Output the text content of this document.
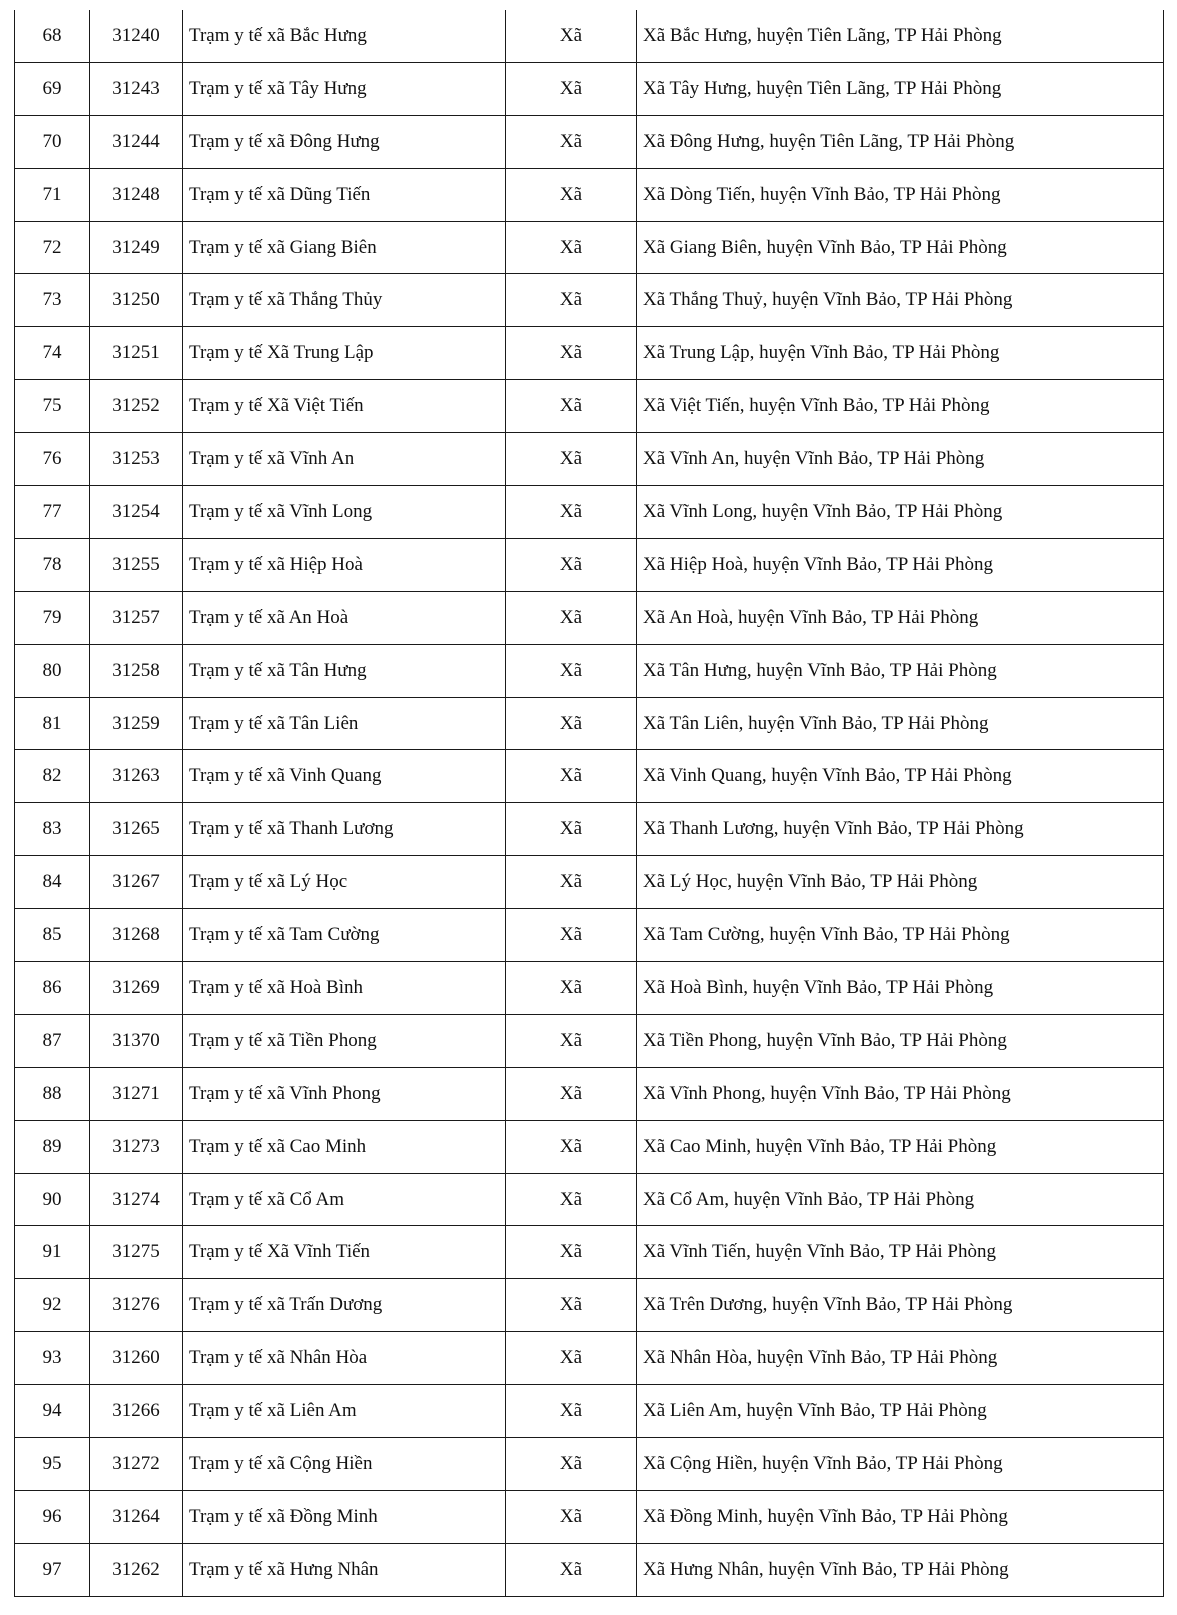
68	31240	Trạm y tế xã Bắc Hưng	Xã	Xã Bắc Hưng, huyện Tiên Lãng, TP Hải Phòng
69	31243	Trạm y tế xã Tây Hưng	Xã	Xã Tây Hưng, huyện Tiên Lãng, TP Hải Phòng
70	31244	Trạm y tế xã Đông Hưng	Xã	Xã Đông Hưng, huyện Tiên Lãng, TP Hải Phòng
71	31248	Trạm y tế xã Dũng Tiến	Xã	Xã Dòng Tiến, huyện Vĩnh Bảo, TP Hải Phòng
72	31249	Trạm y tế xã Giang Biên	Xã	Xã Giang Biên, huyện Vĩnh Bảo, TP Hải Phòng
73	31250	Trạm y tế xã Thắng Thủy	Xã	Xã Thắng Thuỷ, huyện Vĩnh Bảo, TP Hải Phòng
74	31251	Trạm y tế Xã Trung Lập	Xã	Xã Trung Lập, huyện Vĩnh Bảo, TP Hải Phòng
75	31252	Trạm y tế Xã Việt Tiến	Xã	Xã Việt Tiến, huyện Vĩnh Bảo, TP Hải Phòng
76	31253	Trạm y tế xã Vĩnh An	Xã	Xã Vĩnh An, huyện Vĩnh Bảo, TP Hải Phòng
77	31254	Trạm y tế xã Vĩnh Long	Xã	Xã Vĩnh Long, huyện Vĩnh Bảo, TP Hải Phòng
78	31255	Trạm y tế xã Hiệp Hoà	Xã	Xã Hiệp Hoà, huyện Vĩnh Bảo, TP Hải Phòng
79	31257	Trạm y tế xã An Hoà	Xã	Xã An Hoà, huyện Vĩnh Bảo, TP Hải Phòng
80	31258	Trạm y tế xã Tân Hưng	Xã	Xã Tân Hưng, huyện Vĩnh Bảo, TP Hải Phòng
81	31259	Trạm y tế xã Tân Liên	Xã	Xã Tân Liên, huyện Vĩnh Bảo, TP Hải Phòng
82	31263	Trạm y tế xã Vinh Quang	Xã	Xã Vinh Quang, huyện Vĩnh Bảo, TP Hải Phòng
83	31265	Trạm y tế xã Thanh Lương	Xã	Xã Thanh Lương, huyện Vĩnh Bảo, TP Hải Phòng
84	31267	Trạm y tế xã Lý Học	Xã	Xã Lý Học, huyện Vĩnh Bảo, TP Hải Phòng
85	31268	Trạm y tế xã Tam Cường	Xã	Xã Tam Cường, huyện Vĩnh Bảo, TP Hải Phòng
86	31269	Trạm y tế xã Hoà Bình	Xã	Xã Hoà Bình, huyện Vĩnh Bảo, TP Hải Phòng
87	31370	Trạm y tế xã Tiền Phong	Xã	Xã Tiền Phong, huyện Vĩnh Bảo, TP Hải Phòng
88	31271	Trạm y tế xã Vĩnh Phong	Xã	Xã Vĩnh Phong, huyện Vĩnh Bảo, TP Hải Phòng
89	31273	Trạm y tế xã Cao Minh	Xã	Xã Cao Minh, huyện Vĩnh Bảo, TP Hải Phòng
90	31274	Trạm y tế xã Cổ Am	Xã	Xã Cổ Am, huyện Vĩnh Bảo, TP Hải Phòng
91	31275	Trạm y tế Xã Vĩnh Tiến	Xã	Xã Vĩnh Tiến, huyện Vĩnh Bảo, TP Hải Phòng
92	31276	Trạm y tế xã Trấn Dương	Xã	Xã Trên Dương, huyện Vĩnh Bảo, TP Hải Phòng
93	31260	Trạm y tế xã Nhân Hòa	Xã	Xã Nhân Hòa, huyện Vĩnh Bảo, TP Hải Phòng
94	31266	Trạm y tế xã Liên Am	Xã	Xã Liên Am, huyện Vĩnh Bảo, TP Hải Phòng
95	31272	Trạm y tế xã Cộng Hiền	Xã	Xã Cộng Hiền, huyện Vĩnh Bảo, TP Hải Phòng
96	31264	Trạm y tế xã Đồng Minh	Xã	Xã Đồng Minh, huyện Vĩnh Bảo, TP Hải Phòng
97	31262	Trạm y tế xã Hưng Nhân	Xã	Xã Hưng Nhân, huyện Vĩnh Bảo, TP Hải Phòng
